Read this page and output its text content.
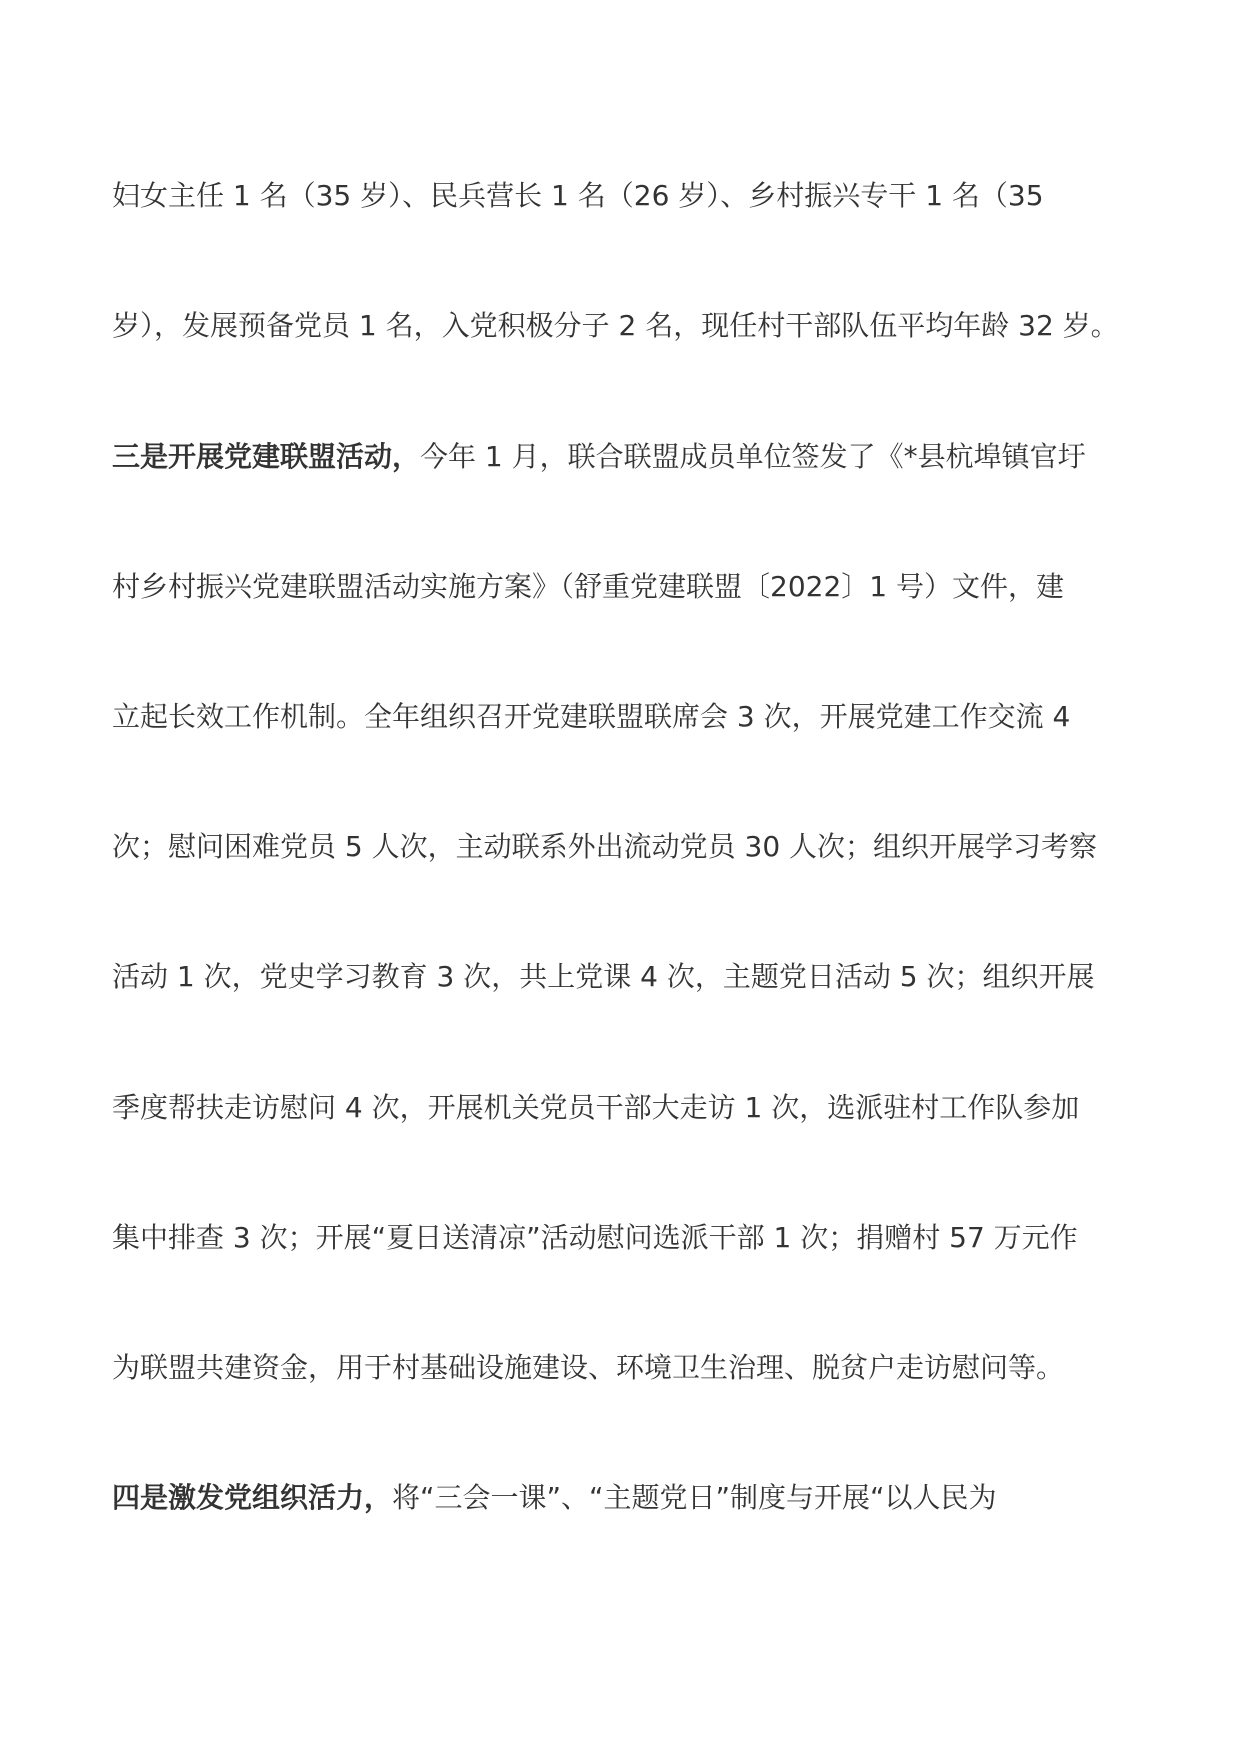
妇女主任 1 名（35 岁）、民兵营长 1 名（26 岁）、乡村振兴专干 1 名（35
岁），发展预备党员 1 名，入党积极分子 2 名，现任村干部队伍平均年龄 32 岁。
三是开展党建联盟活动，今年 1 月，联合联盟成员单位签发了《*县杭埠镇官圩
村乡村振兴党建联盟活动实施方案》（舒重党建联盟〔2022〕1 号）文件，建
立起长效工作机制。全年组织召开党建联盟联席会 3 次，开展党建工作交流 4
次；慰问困难党员 5 人次，主动联系外出流动党员 30 人次；组织开展学习考察
活动 1 次，党史学习教育 3 次，共上党课 4 次，主题党日活动 5 次；组织开展
季度帮扶走访慰问 4 次，开展机关党员干部大走访 1 次，选派驻村工作队参加
集中排查 3 次；开展“夏日送清凉”活动慰问选派干部 1 次；捐赠村 57 万元作
为联盟共建资金，用于村基础设施建设、环境卫生治理、脱贫户走访慰问等。
四是激发党组织活力，将“三会一课”、“主题党日”制度与开展“以人民为
